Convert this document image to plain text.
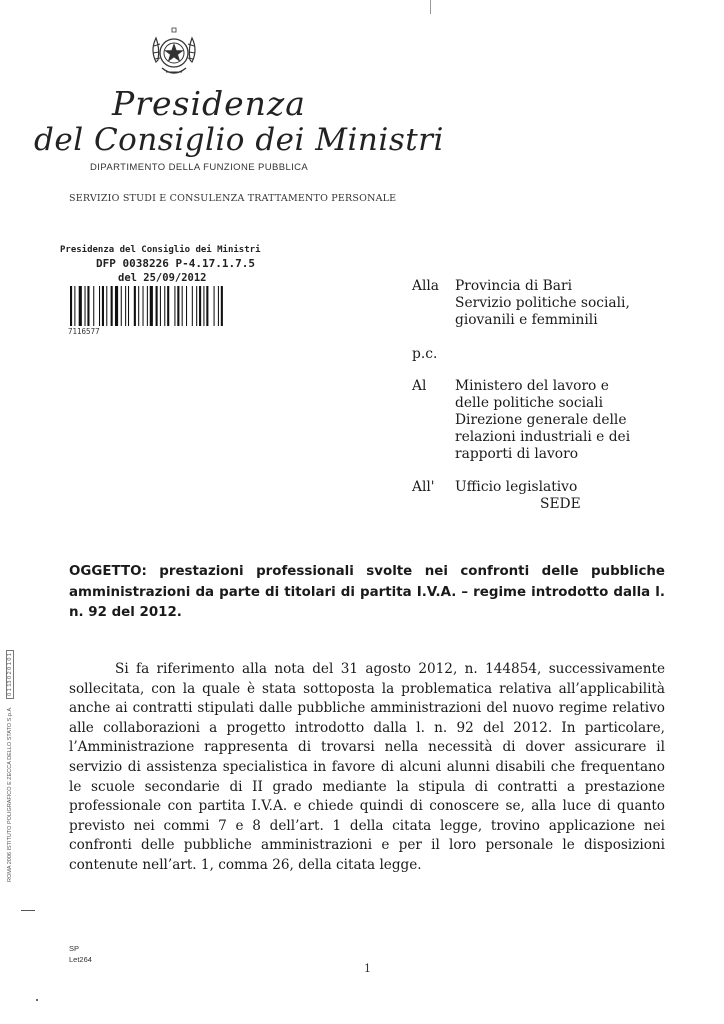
Presidenza
del Consiglio dei Ministri
DIPARTIMENTO DELLA FUNZIONE PUBBLICA
SERVIZIO STUDI E CONSULENZA TRATTAMENTO PERSONALE
Presidenza del Consiglio dei Ministri
DFP 0038226 P-4.17.1.7.5
del 25/09/2012
7116577
Alla Provincia di Bari
Servizio politiche sociali,
giovanili e femminili
p.c.
Al Ministero del lavoro e
delle politiche sociali
Direzione generale delle
relazioni industriali e dei
rapporti di lavoro
All' Ufficio legislativo
SEDE
OGGETTO: prestazioni professionali svolte nei confronti delle pubbliche amministrazioni da parte di titolari di partita I.V.A. – regime introdotto dalla l. n. 92 del 2012.
Si fa riferimento alla nota del 31 agosto 2012, n. 144854, successivamente sollecitata, con la quale è stata sottoposta la problematica relativa all’applicabilità anche ai contratti stipulati dalle pubbliche amministrazioni del nuovo regime relativo alle collaborazioni a progetto introdotto dalla l. n. 92 del 2012. In particolare, l’Amministrazione rappresenta di trovarsi nella necessità di dover assicurare il servizio di assistenza specialistica in favore di alcuni alunni disabili che frequentano le scuole secondarie di II grado mediante la stipula di contratti a prestazione professionale con partita I.V.A. e chiede quindi di conoscere se, alla luce di quanto previsto nei commi 7 e 8 dell’art. 1 della citata legge, trovino applicazione nei confronti delle pubbliche amministrazioni e per il loro personale le disposizioni contenute nell’art. 1, comma 26, della citata legge.
ROMA 2006 ISTITUTO POLIGRAFICO E ZECCA DELLO STATO S.p.A. 0 1 13 0 2 0 1 0 1
SP
Let264
1
